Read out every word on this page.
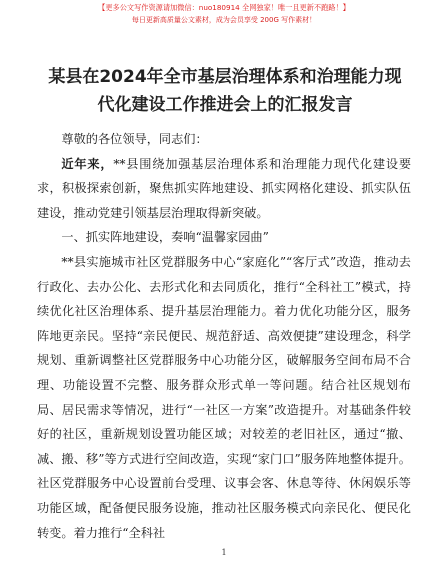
【更多公文写作资源请加微信：nuo180914 全网独家！唯一且更新不跑路！】
每日更新高质量公文素材，成为会员享受 200G 写作素材！
某县在2024年全市基层治理体系和治理能力现
代化建设工作推进会上的汇报发言

尊敬的各位领导，同志们：

近年来，**县围绕加强基层治理体系和治理能力现代化建设要求，积极探索创新，聚焦抓实阵地建设、抓实网格化建设、抓实队伍建设，推动党建引领基层治理取得新突破。

一、抓实阵地建设，奏响“温馨家园曲”

**县实施城市社区党群服务中心“家庭化”“客厅式”改造，推动去行政化、去办公化、去形式化和去同质化，推行“全科社工”模式，持续优化社区治理体系、提升基层治理能力。着力优化功能分区，服务阵地更亲民。坚持“亲民便民、规范舒适、高效便捷”建设理念，科学规划、重新调整社区党群服务中心功能分区，破解服务空间布局不合理、功能设置不完整、服务群众形式单一等问题。结合社区规划布局、居民需求等情况，进行“一社区一方案”改造提升。对基础条件较好的社区，重新规划设置功能区域；对较差的老旧社区，通过“撤、减、搬、移”等方式进行空间改造，实现“家门口”服务阵地整体提升。社区党群服务中心设置前台受理、议事会客、休息等待、休闲娱乐等功能区域，配备便民服务设施，推动社区服务模式向亲民化、便民化转变。着力推行“全科社

1
